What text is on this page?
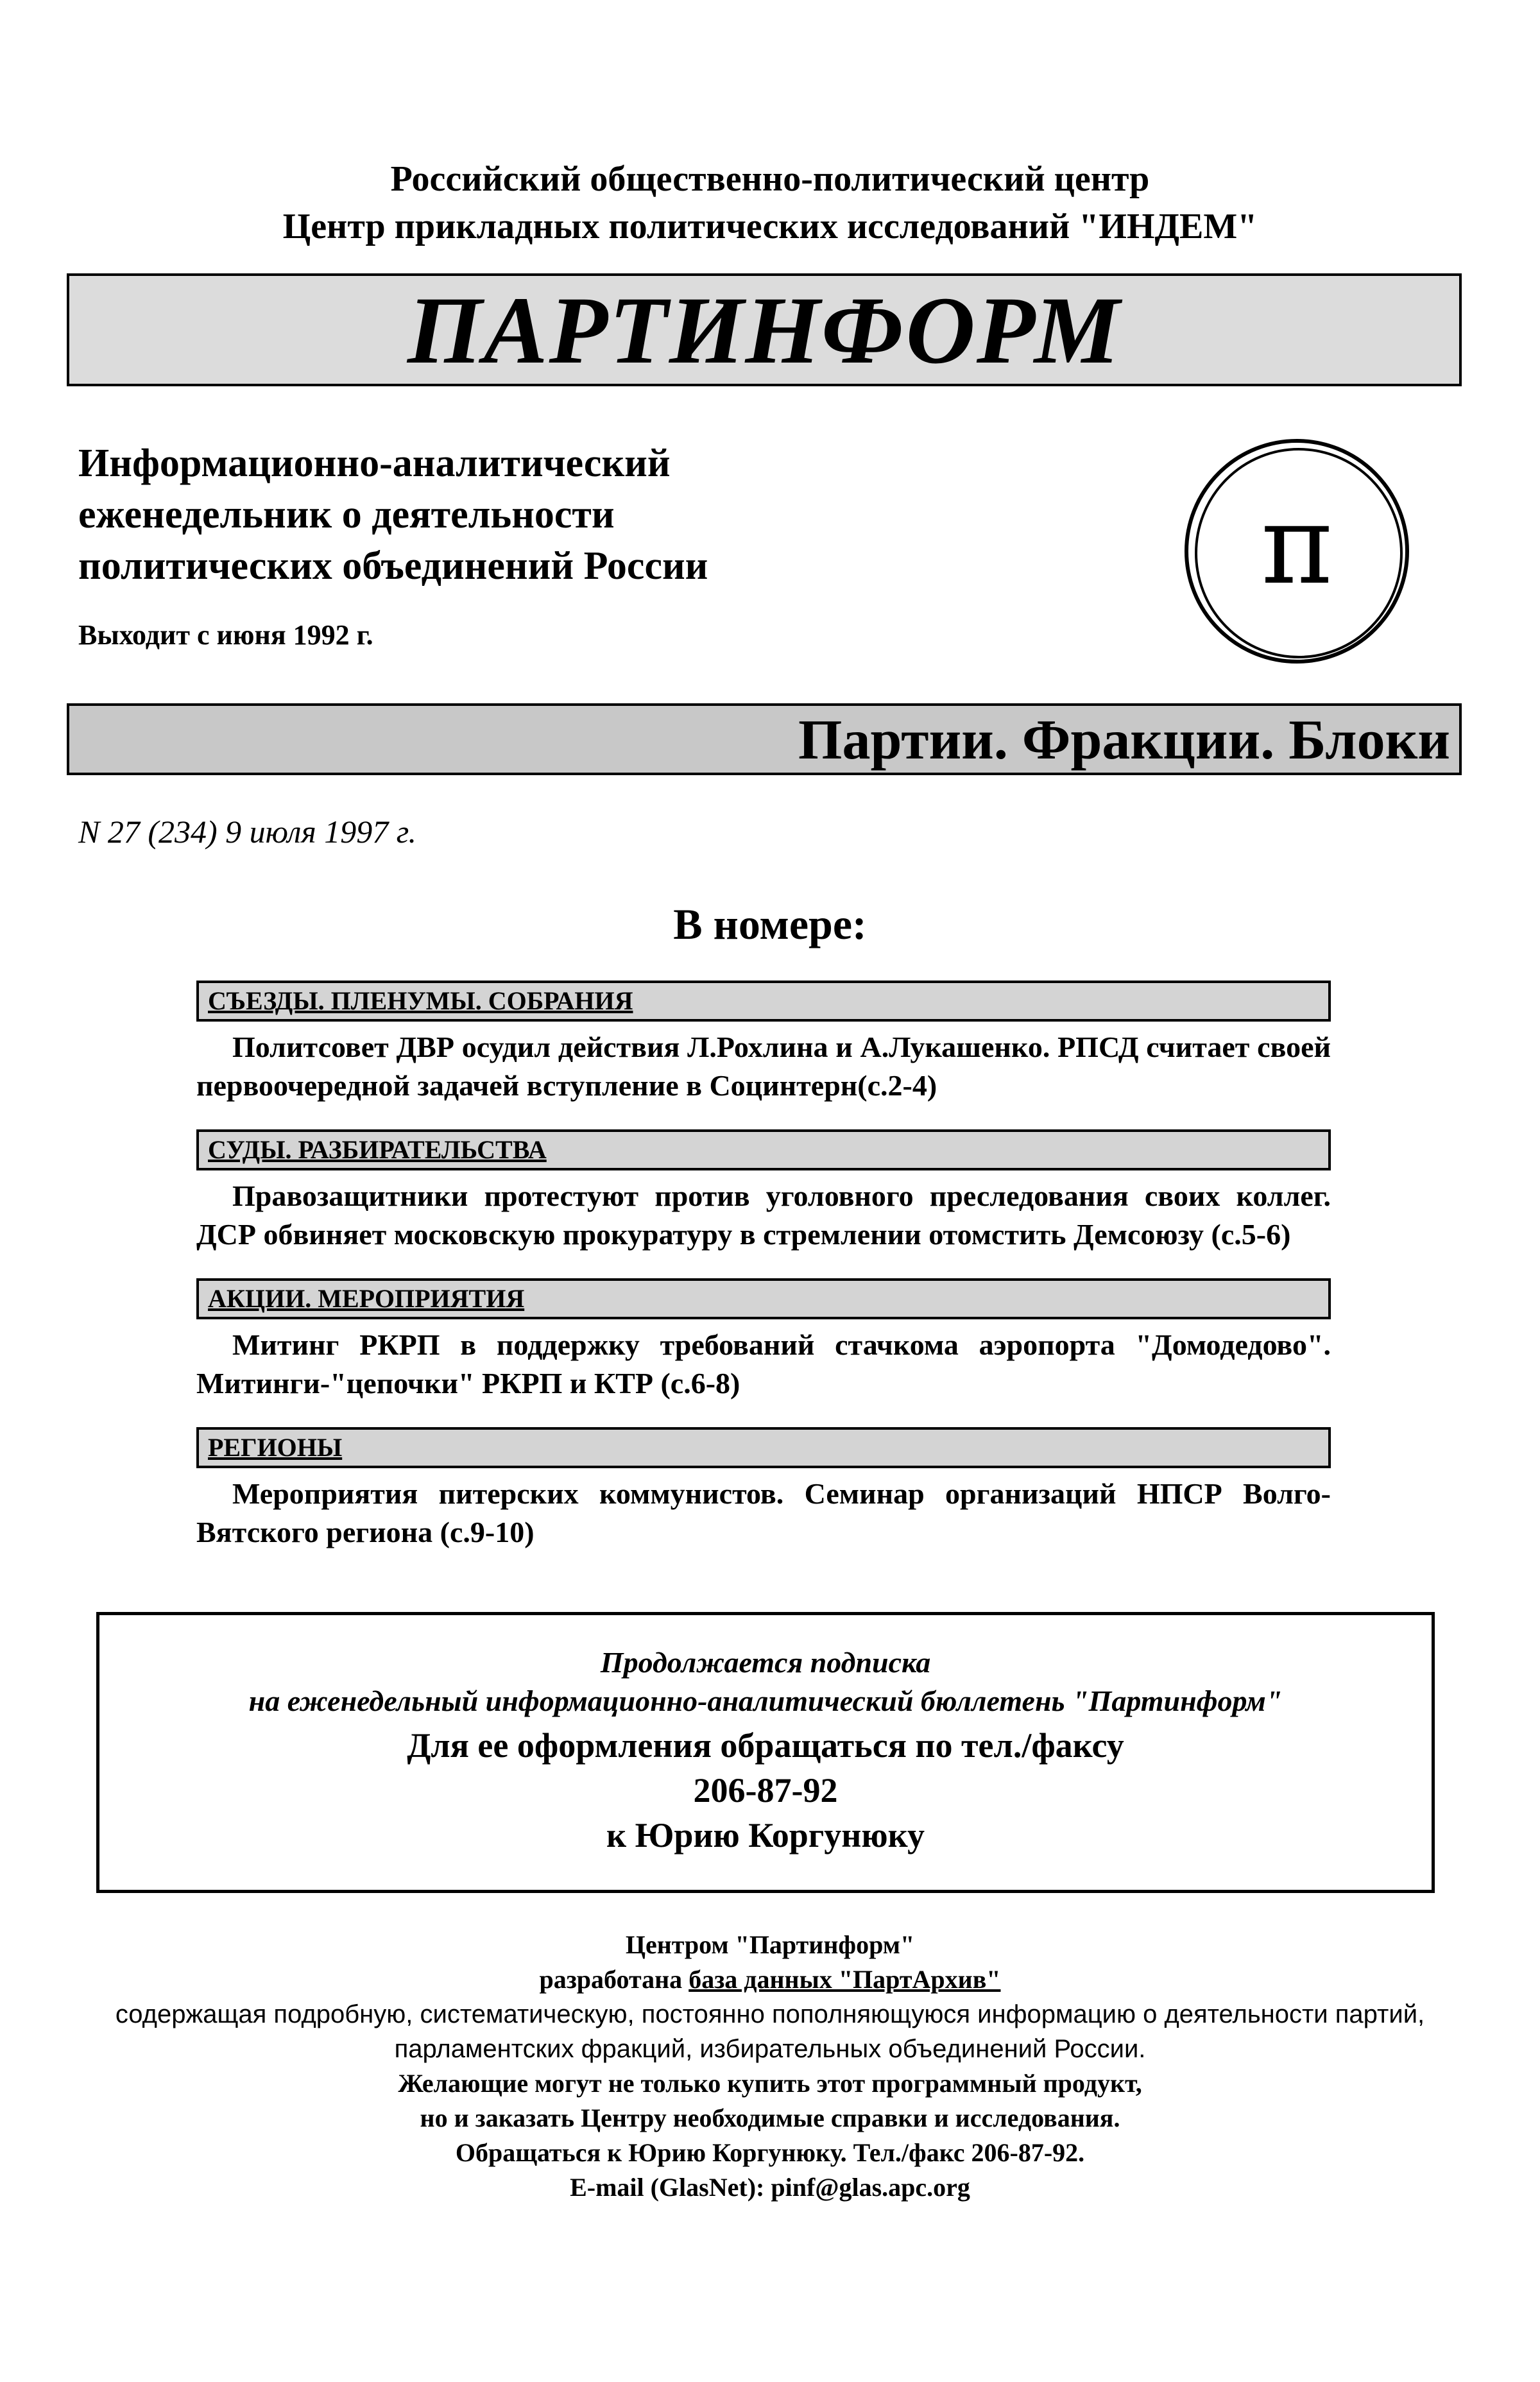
Российский общественно-политический центр
Центр прикладных политических исследований "ИНДЕМ"
ПАРТИНФОРМ
Информационно-аналитический
еженедельник о деятельности
политических объединений России
Выходит с июня 1992 г.
π
Партии. Фракции. Блоки
N 27 (234) 9 июля 1997 г.
В номере:
СЪЕЗДЫ. ПЛЕНУМЫ. СОБРАНИЯ
Политсовет ДВР осудил действия Л.Рохлина и А.Лукашенко. РПСД считает своей первоочередной задачей вступление в Социнтерн(с.2-4)
СУДЫ. РАЗБИРАТЕЛЬСТВА
Правозащитники протестуют против уголовного преследования своих коллег. ДСР обвиняет московскую прокуратуру в стремлении отомстить Демсоюзу (с.5-6)
АКЦИИ. МЕРОПРИЯТИЯ
Митинг РКРП в поддержку требований стачкома аэропорта "Домодедово". Митинги-"цепочки" РКРП и КТР (с.6-8)
РЕГИОНЫ
Мероприятия питерских коммунистов. Семинар организаций НПСР Волго-Вятского региона (с.9-10)
Продолжается подписка
на еженедельный информационно-аналитический бюллетень "Партинформ"
Для ее оформления обращаться по тел./факсу
206-87-92
к Юрию Коргунюку
Центром "Партинформ"
разработана база данных "ПартАрхив"
содержащая подробную, систематическую, постоянно пополняющуюся информацию о деятельности партий,
парламентских фракций, избирательных объединений России.
Желающие могут не только купить этот программный продукт,
но и заказать Центру необходимые справки и исследования.
Обращаться к Юрию Коргунюку. Тел./факс 206-87-92.
E-mail (GlasNet): pinf@glas.apc.org
